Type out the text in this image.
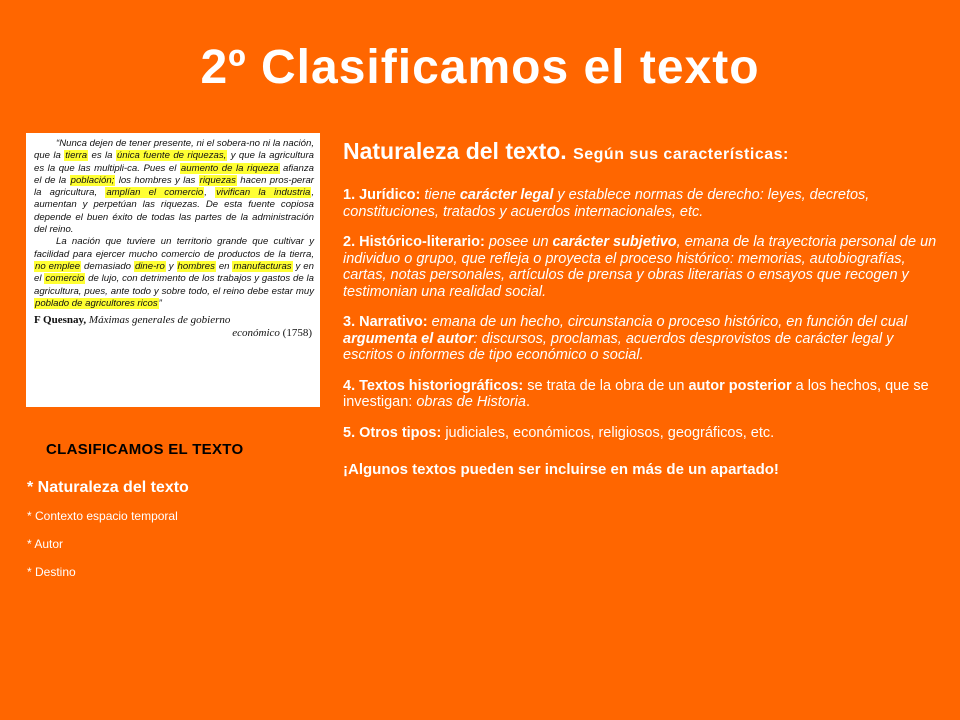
2º Clasificamos el texto

“Nunca dejen de tener presente, ni el sobera-no ni la nación, que la tierra es la única fuente de riquezas, y que la agricultura es la que las multipli-ca. Pues el aumento de la riqueza afianza el de la población; los hombres y las riquezas hacen pros-perar la agricultura, amplían el comercio, vivifican la industria, aumentan y perpetúan las riquezas. De esta fuente copiosa depende el buen éxito de todas las partes de la administración del reino.

La nación que tuviere un territorio grande que cultivar y facilidad para ejercer mucho comercio de productos de la tierra, no emplee demasiado dine-ro y hombres en manufacturas y en el comercio de lujo, con detrimento de los trabajos y gastos de la agricultura, pues, ante todo y sobre todo, el reino debe estar muy poblado de agricultores ricos”

F Quesnay, Máximas generales de gobierno
económico (1758)
CLASIFICAMOS EL TEXTO
* Naturaleza del texto
* Contexto espacio temporal
* Autor
* Destino
Naturaleza del texto. Según sus características:
1. Jurídico: tiene carácter legal y establece normas de derecho: leyes, decretos, constituciones, tratados y acuerdos internacionales, etc.
2. Histórico-literario: posee un carácter subjetivo, emana de la trayectoria personal de un individuo o grupo, que refleja o proyecta el proceso histórico: memorias, autobiografías, cartas, notas personales, artículos de prensa y obras literarias o ensayos que recogen y testimonian una realidad social.
3. Narrativo: emana de un hecho, circunstancia o proceso histórico, en función del cual argumenta el autor: discursos, proclamas, acuerdos desprovistos de carácter legal y escritos o informes de tipo económico o social.
4. Textos historiográficos: se trata de la obra de un autor posterior a los hechos, que se investigan: obras de Historia.
5. Otros tipos: judiciales, económicos, religiosos, geográficos, etc.
¡Algunos textos pueden ser incluirse en más de un apartado!
